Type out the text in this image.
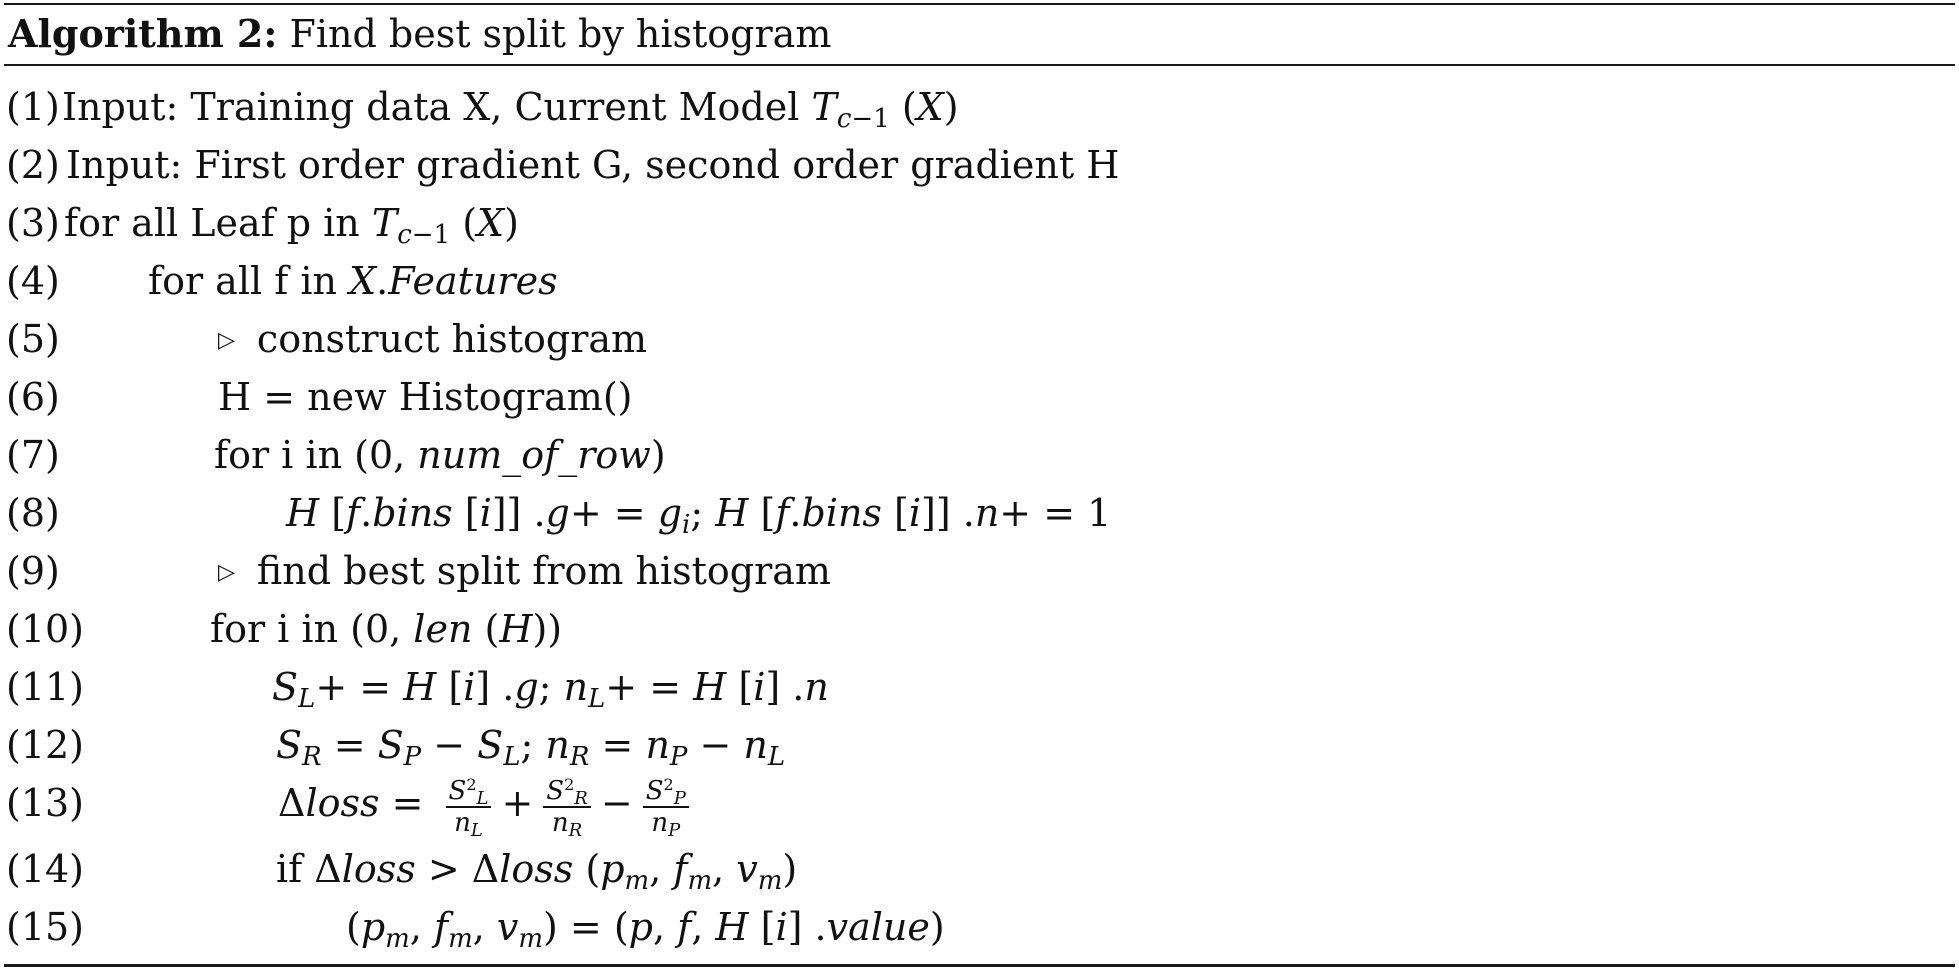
Algorithm 2: Find best split by histogram
(1) Input: Training data X, Current Model $T_{c-1}$ (X)
(2) Input: First order gradient G, second order gradient H
(3) for all Leaf p in $T_{c-1}$ (X)
(4) for all f in X.Features
(5)	▷ construct histogram
(6)	H = new Histogram()
(7)	for i in (0, num_of_row)
(8)	H [f.bins [i]] $.g+ = g_i$; H [f.bins [i]] .n+ = 1
(9)	▷ find best split from histogram
(10)	for i in (0, len (H))
(11)	$S_L+ = H$ [i] .g; $n_L+ = H$ [i] .n
(12)	$S_R = S_P - S_L$; $n_R = n_P - n_L$
(13)	Δloss = $\frac{S^2_L}{n_L} + \frac{S^2_R}{n_R} - \frac{S^2_P}{n_P}$
(14)	if Δloss > Δloss ($p_m$, $f_m$, $v_m$)
(15)	($p_m$, $f_m$, $v_m) = (p$, f, H [i] .value)
